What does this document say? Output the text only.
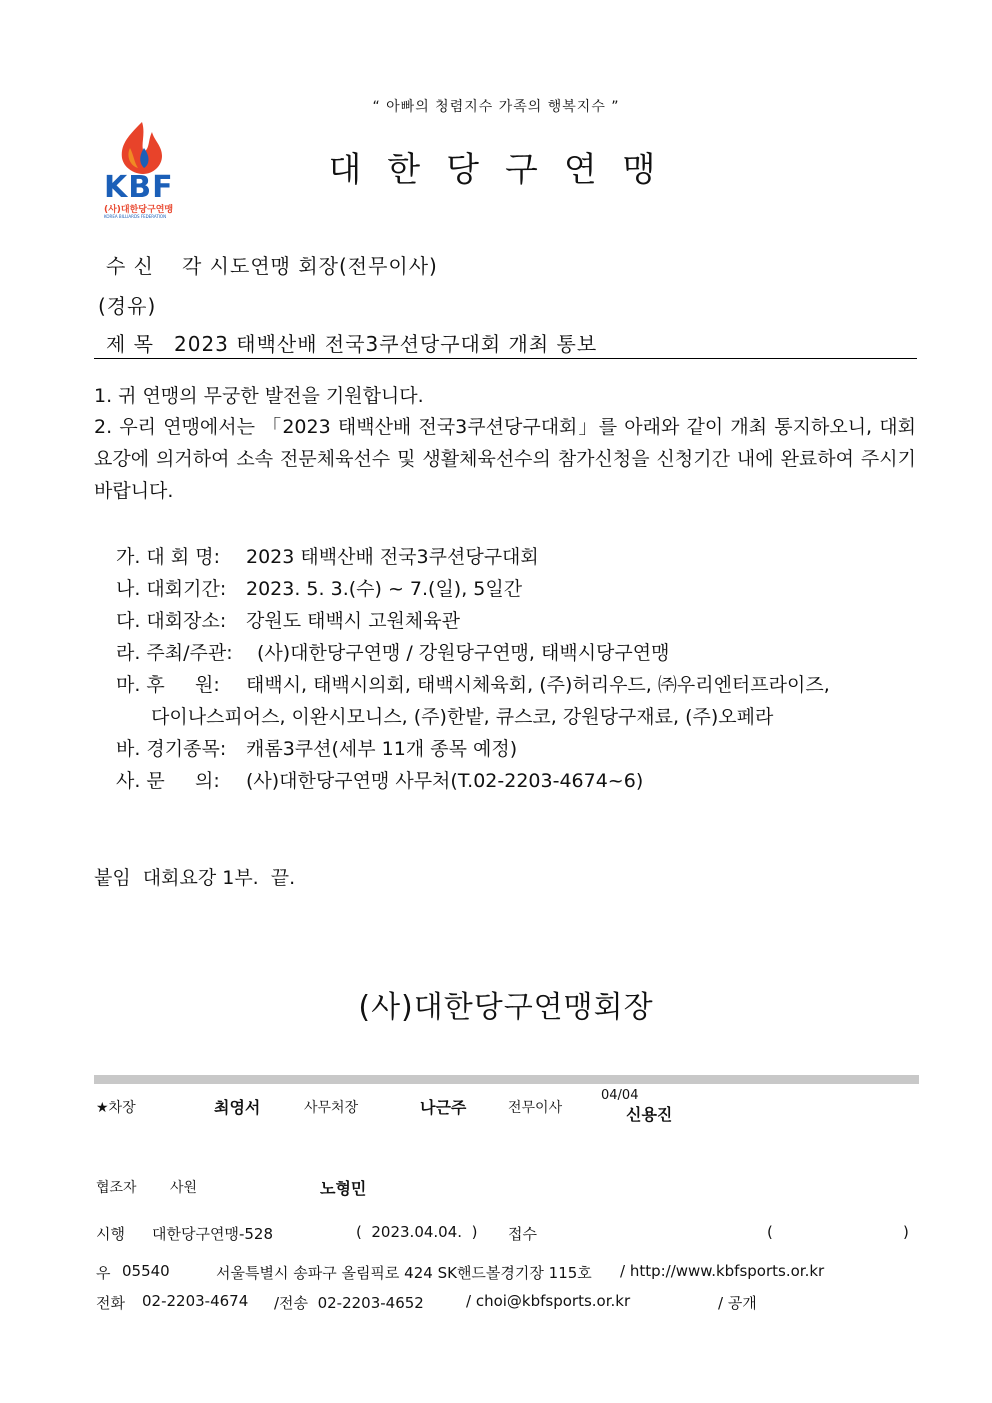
“ 아빠의 청렴지수 가족의 행복지수 ”
KBF
(사)대한당구연맹
KOREA BILLIARDS FEDERATION
대한당구연맹
수 신 각 시도연맹 회장(전무이사)
(경유)
제 목 2023 태백산배 전국3쿠션당구대회 개최 통보
1. 귀 연맹의 무궁한 발전을 기원합니다.
2. 우리 연맹에서는 「2023 태백산배 전국3쿠션당구대회」를 아래와 같이 개최 통지하오니, 대회요강에 의거하여 소속 전문체육선수 및 생활체육선수의 참가신청을 신청기간 내에 완료하여 주시기 바랍니다.
가. 대 회 명: 2023 태백산배 전국3쿠션당구대회
나. 대회기간: 2023. 5. 3.(수) ~ 7.(일), 5일간
다. 대회장소: 강원도 태백시 고원체육관
라. 주최/주관: (사)대한당구연맹 / 강원당구연맹, 태백시당구연맹
마. 후     원: 태백시, 태백시의회, 태백시체육회, (주)허리우드, ㈜우리엔터프라이즈,
다이나스피어스, 이완시모니스, (주)한밭, 큐스코, 강원당구재료, (주)오페라
바. 경기종목: 캐롬3쿠션(세부 11개 종목 예정)
사. 문     의: (사)대한당구연맹 사무처(T.02-2203-4674~6)
붙임  대회요강 1부.  끝.
(사)대한당구연맹회장
★차장	최영서	사무처장	나근주	전무이사
04/04
신용진
협조자 사원	노형민
시행 대한당구연맹-528	(  2023.04.04.  ) 접수	(	)
우 05540	서울특별시 송파구 올림픽로 424 SK핸드볼경기장 115호 / http://www.kbfsports.or.kr
전화 02-2203-4674 /전송  02-2203-4652	/ choi@kbfsports.or.kr	/ 공개
